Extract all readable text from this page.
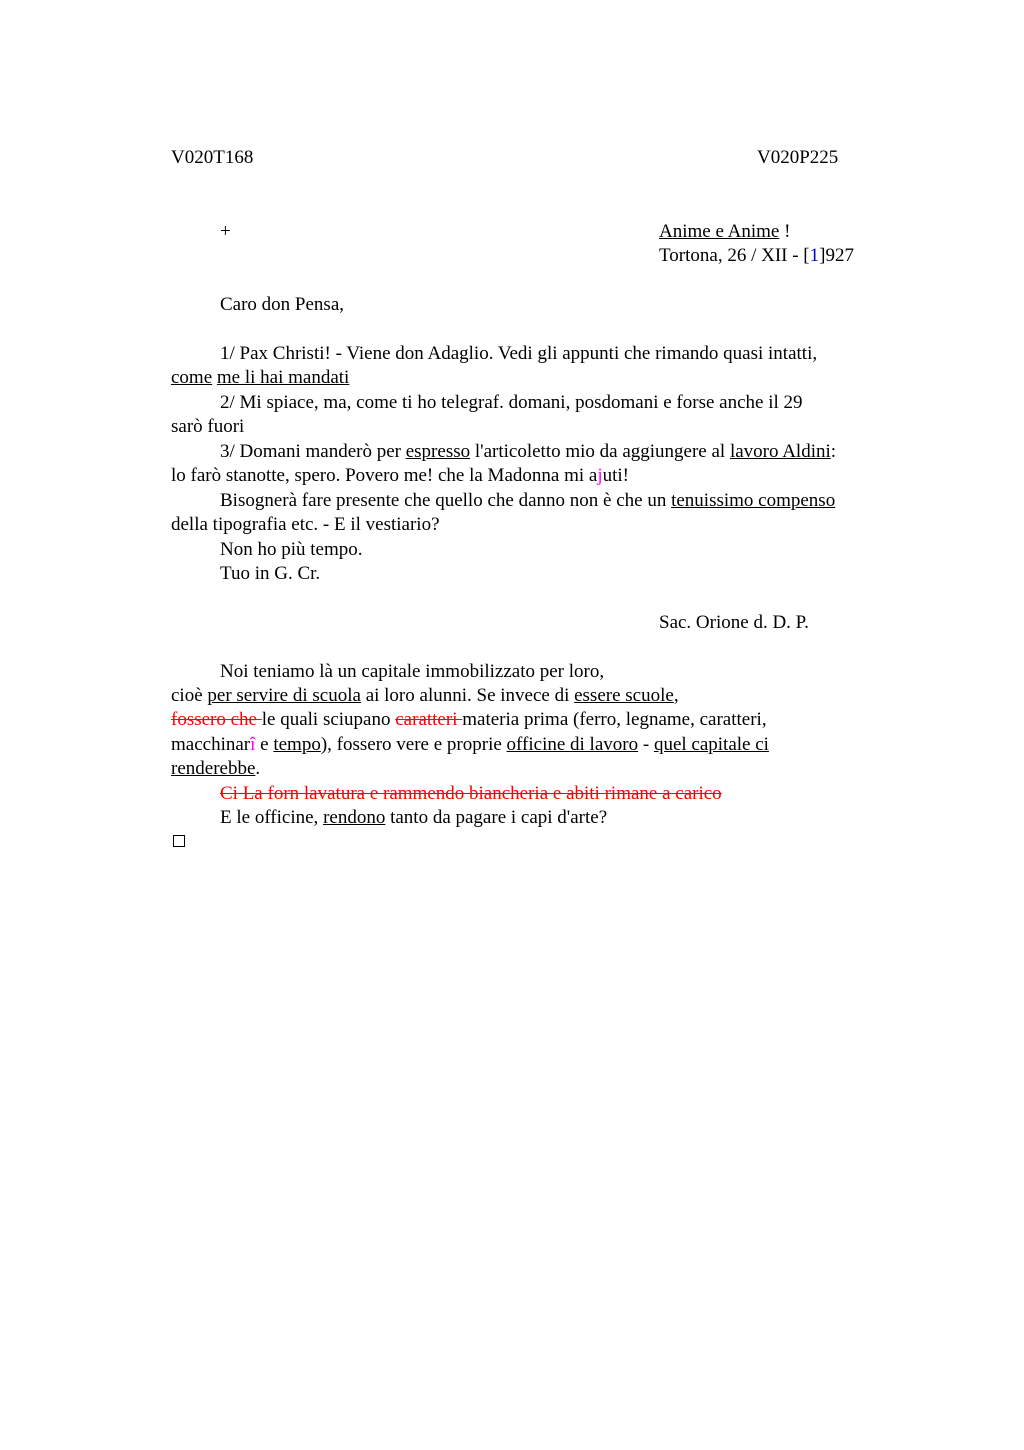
V020T168	V020P225
+	Anime e Anime !
Tortona, 26 / XII - [1]927
Caro don Pensa,
1/ Pax Christi! - Viene don Adaglio. Vedi gli appunti che rimando quasi intatti,
come me li hai mandati
2/ Mi spiace, ma, come ti ho telegraf. domani, posdomani e forse anche il 29
sarò fuori
3/ Domani manderò per espresso l'articoletto mio da aggiungere al lavoro Aldini:
lo farò stanotte, spero. Povero me! che la Madonna mi ajuti!
Bisognerà fare presente che quello che danno non è che un tenuissimo compenso
della tipografia etc. - E il vestiario?
Non ho più tempo.
Tuo in G. Cr.
Sac. Orione d. D. P.
Noi teniamo là un capitale immobilizzato per loro,
cioè per servire di scuola ai loro alunni. Se invece di essere scuole,
fossero che le quali sciupano caratteri materia prima (ferro, legname, caratteri,
macchinarî e tempo), fossero vere e proprie officine di lavoro - quel capitale ci
renderebbe.
Ci La forn lavatura e rammendo biancheria e abiti rimane a carico
E le officine, rendono tanto da pagare i capi d'arte?
